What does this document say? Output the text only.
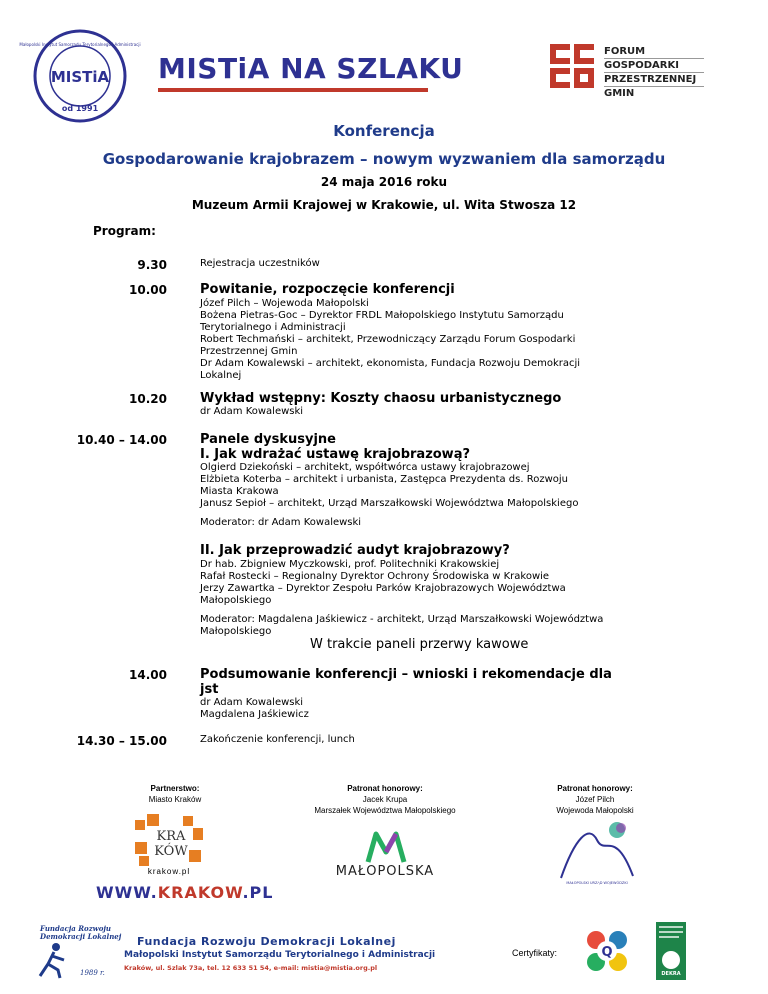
MISTiA
od 1991
Małopolski Instytut Samorządu Terytorialnego i Administracji
MISTiA NA SZLAKU
FORUM
GOSPODARKI
PRZESTRZENNEJ
GMIN
Konferencja
Gospodarowanie krajobrazem – nowym wyzwaniem dla samorządu
24 maja 2016 roku
Muzeum Armii Krajowej w Krakowie, ul. Wita Stwosza 12
Program:
9.30	Rejestracja uczestników
10.00	Powitanie, rozpoczęcie konferencji
Józef Pilch – Wojewoda Małopolski
Bożena Pietras-Goc – Dyrektor FRDL Małopolskiego Instytutu Samorządu
Terytorialnego i Administracji
Robert Techmański – architekt, Przewodniczący Zarządu Forum Gospodarki
Przestrzennej Gmin
Dr Adam Kowalewski – architekt, ekonomista, Fundacja Rozwoju Demokracji
Lokalnej
10.20	Wykład wstępny: Koszty chaosu urbanistycznego
dr Adam Kowalewski
10.40 – 14.00	Panele dyskusyjne
I. Jak wdrażać ustawę krajobrazową?
Olgierd Dziekoński – architekt, współtwórca ustawy krajobrazowej
Elżbieta Koterba – architekt i urbanista, Zastępca Prezydenta ds. Rozwoju
Miasta Krakowa
Janusz Sepioł – architekt, Urząd Marszałkowski Województwa Małopolskiego
Moderator: dr Adam Kowalewski
II. Jak przeprowadzić audyt krajobrazowy?
Dr hab. Zbigniew Myczkowski, prof. Politechniki Krakowskiej
Rafał Rostecki – Regionalny Dyrektor Ochrony Środowiska w Krakowie
Jerzy Zawartka – Dyrektor Zespołu Parków Krajobrazowych Województwa
Małopolskiego
Moderator: Magdalena Jaśkiewicz - architekt, Urząd Marszałkowski Województwa
Małopolskiego
W trakcie paneli przerwy kawowe
14.00	Podsumowanie konferencji – wnioski i rekomendacje dla
jst
dr Adam Kowalewski
Magdalena Jaśkiewicz
14.30 – 15.00	Zakończenie konferencji, lunch
Partnerstwo:
Miasto Kraków
KRA
KÓW
krakow.pl
WWW.KRAKOW.PL
Patronat honorowy:
Jacek Krupa
Marszałek Województwa Małopolskiego
MAŁOPOLSKA
Patronat honorowy:
Józef Pilch
Wojewoda Małopolski
MAŁOPOLSKI URZĄD WOJEWÓDZKI
Fundacja Rozwoju
Demokracji Lokalnej
1989 r.
Fundacja Rozwoju Demokracji Lokalnej
Małopolski Instytut Samorządu Terytorialnego i Administracji
Kraków, ul. Szlak 73a, tel. 12 633 51 54, e-mail: mistia@mistia.org.pl
Certyfikaty:	Q
DEKRA
